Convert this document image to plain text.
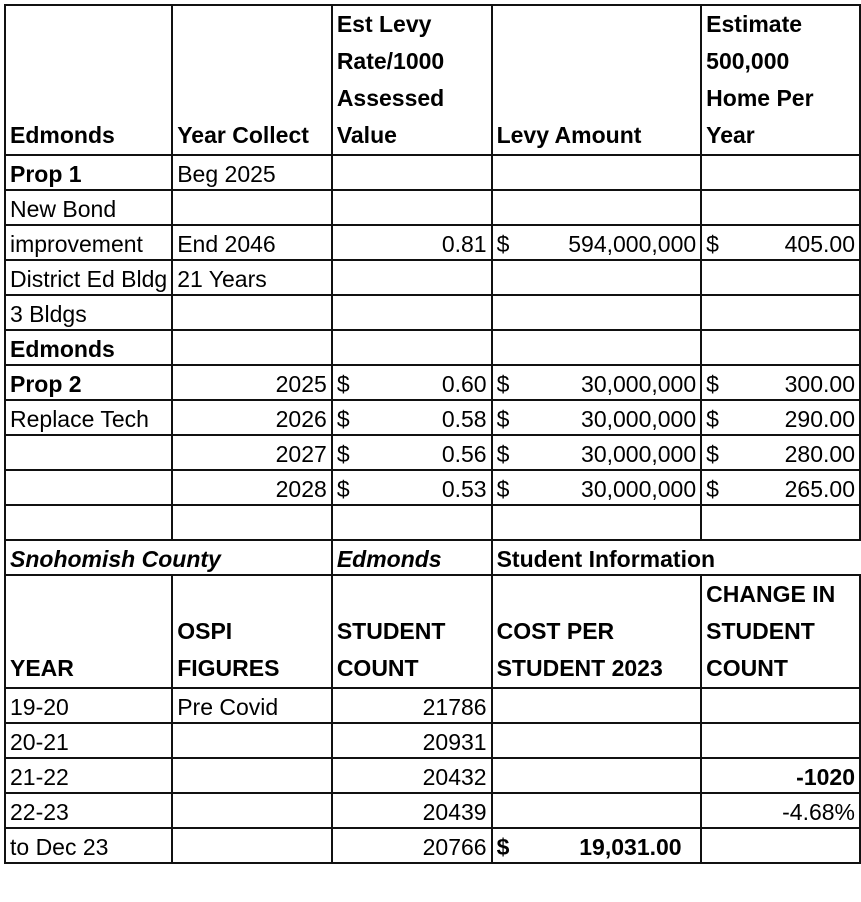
Edmonds	Year Collect	Est Levy Rate/1000 Assessed Value	Levy Amount	Estimate 500,000 Home Per Year
Prop 1	Beg 2025	

New Bond		

improvement	End 2046	0.81	$ 594,000,000	$ 405.00

District Ed Bldg	21 Years	

3 Bldgs		

Edmonds		

Prop 2	2025	$ 0.60	$ 30,000,000	$ 300.00

Replace Tech	2026	$ 0.58	$ 30,000,000	$ 290.00

	2027	$ 0.56	$ 30,000,000	$ 280.00

	2028	$ 0.53	$ 30,000,000	$ 265.00

Snohomish County		Edmonds	Student Information	
YEAR	OSPI FIGURES	STUDENT COUNT	COST PER STUDENT 2023	CHANGE IN STUDENT COUNT
19-20	Pre Covid	21786	

20-21		20931	

21-22		20432		-1020
22-23		20439		-4.68%
to Dec 23		20766	$ 19,031.00	
